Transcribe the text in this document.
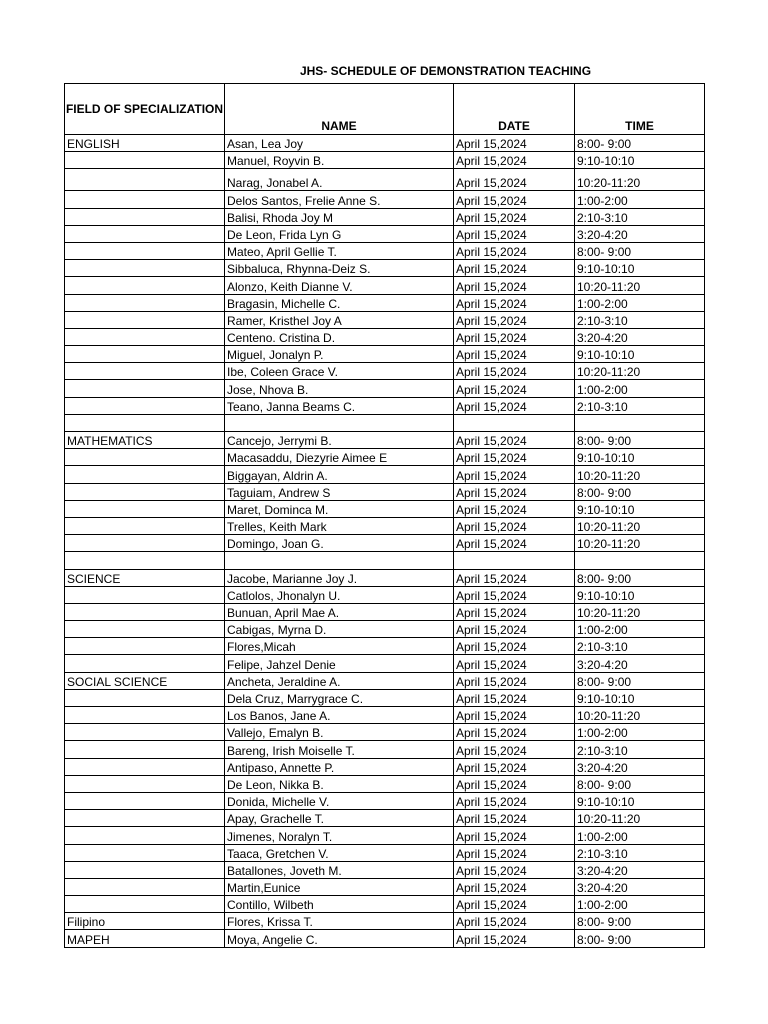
JHS- SCHEDULE OF DEMONSTRATION TEACHING
FIELD OF SPECIALIZATION	NAME	DATE	TIME
ENGLISH	Asan, Lea Joy	April 15,2024	8:00- 9:00
	Manuel, Royvin B.	April 15,2024	9:10-10:10
	Narag, Jonabel A.	April 15,2024	10:20-11:20
	Delos Santos, Frelie Anne S.	April 15,2024	1:00-2:00
	Balisi, Rhoda Joy M	April 15,2024	2:10-3:10
	De Leon, Frida Lyn G	April 15,2024	3:20-4:20
	Mateo, April Gellie T.	April 15,2024	8:00- 9:00
	Sibbaluca, Rhynna-Deiz S.	April 15,2024	9:10-10:10
	Alonzo, Keith Dianne V.	April 15,2024	10:20-11:20
	Bragasin, Michelle C.	April 15,2024	1:00-2:00
	Ramer, Kristhel Joy A	April 15,2024	2:10-3:10
	Centeno. Cristina D.	April 15,2024	3:20-4:20
	Miguel, Jonalyn P.	April 15,2024	9:10-10:10
	Ibe, Coleen Grace V.	April 15,2024	10:20-11:20
	Jose, Nhova B.	April 15,2024	1:00-2:00
	Teano, Janna Beams C.	April 15,2024	2:10-3:10

MATHEMATICS	Cancejo, Jerrymi B.	April 15,2024	8:00- 9:00
	Macasaddu, Diezyrie Aimee E	April 15,2024	9:10-10:10
	Biggayan, Aldrin A.	April 15,2024	10:20-11:20
	Taguiam, Andrew S	April 15,2024	8:00- 9:00
	Maret, Dominca M.	April 15,2024	9:10-10:10
	Trelles, Keith Mark	April 15,2024	10:20-11:20
	Domingo, Joan G.	April 15,2024	10:20-11:20

SCIENCE	Jacobe, Marianne Joy J.	April 15,2024	8:00- 9:00
	Catlolos, Jhonalyn U.	April 15,2024	9:10-10:10
	Bunuan, April Mae A.	April 15,2024	10:20-11:20
	Cabigas, Myrna D.	April 15,2024	1:00-2:00
	Flores,Micah	April 15,2024	2:10-3:10
	Felipe, Jahzel Denie	April 15,2024	3:20-4:20
SOCIAL SCIENCE	Ancheta, Jeraldine A.	April 15,2024	8:00- 9:00
	Dela Cruz, Marrygrace C.	April 15,2024	9:10-10:10
	Los Banos, Jane A.	April 15,2024	10:20-11:20
	Vallejo, Emalyn B.	April 15,2024	1:00-2:00
	Bareng, Irish Moiselle T.	April 15,2024	2:10-3:10
	Antipaso, Annette P.	April 15,2024	3:20-4:20
	De Leon, Nikka B.	April 15,2024	8:00- 9:00
	Donida, Michelle V.	April 15,2024	9:10-10:10
	Apay, Grachelle T.	April 15,2024	10:20-11:20
	Jimenes, Noralyn T.	April 15,2024	1:00-2:00
	Taaca, Gretchen V.	April 15,2024	2:10-3:10
	Batallones, Joveth M.	April 15,2024	3:20-4:20
	Martin,Eunice	April 15,2024	3:20-4:20
	Contillo, Wilbeth	April 15,2024	1:00-2:00
Filipino	Flores, Krissa T.	April 15,2024	8:00- 9:00
MAPEH	Moya, Angelie C.	April 15,2024	8:00- 9:00
